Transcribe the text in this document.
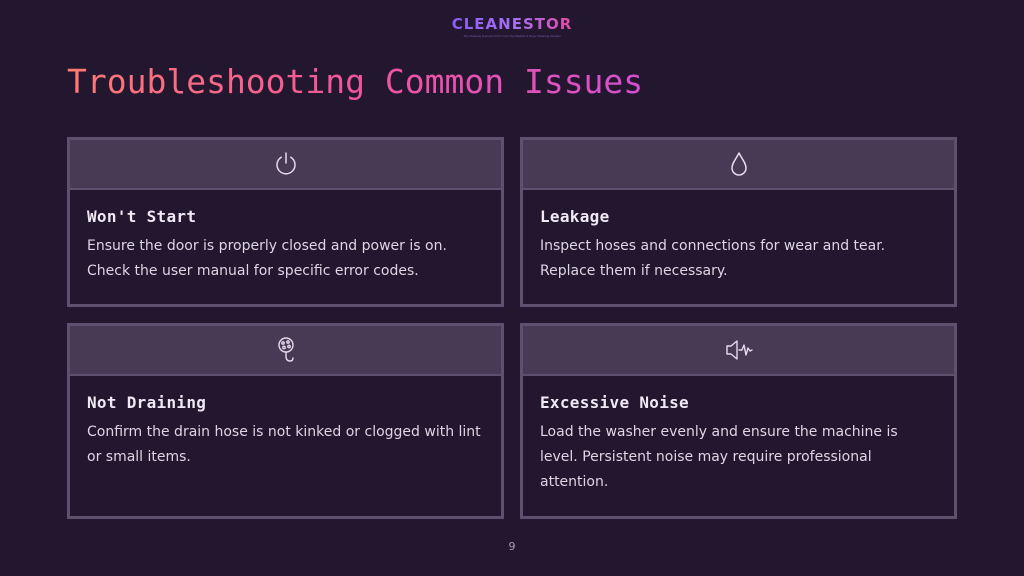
CLEANESTOR
The Cleaning Success Kit for Your Top Washer & Dryer Cleaning Solution
Troubleshooting Common Issues
Won't Start

Ensure the door is properly closed and power is on. Check the user manual for specific error codes.

Leakage

Inspect hoses and connections for wear and tear. Replace them if necessary.

Not Draining

Confirm the drain hose is not kinked or clogged with lint or small items.

Excessive Noise

Load the washer evenly and ensure the machine is level. Persistent noise may require professional attention.

9
